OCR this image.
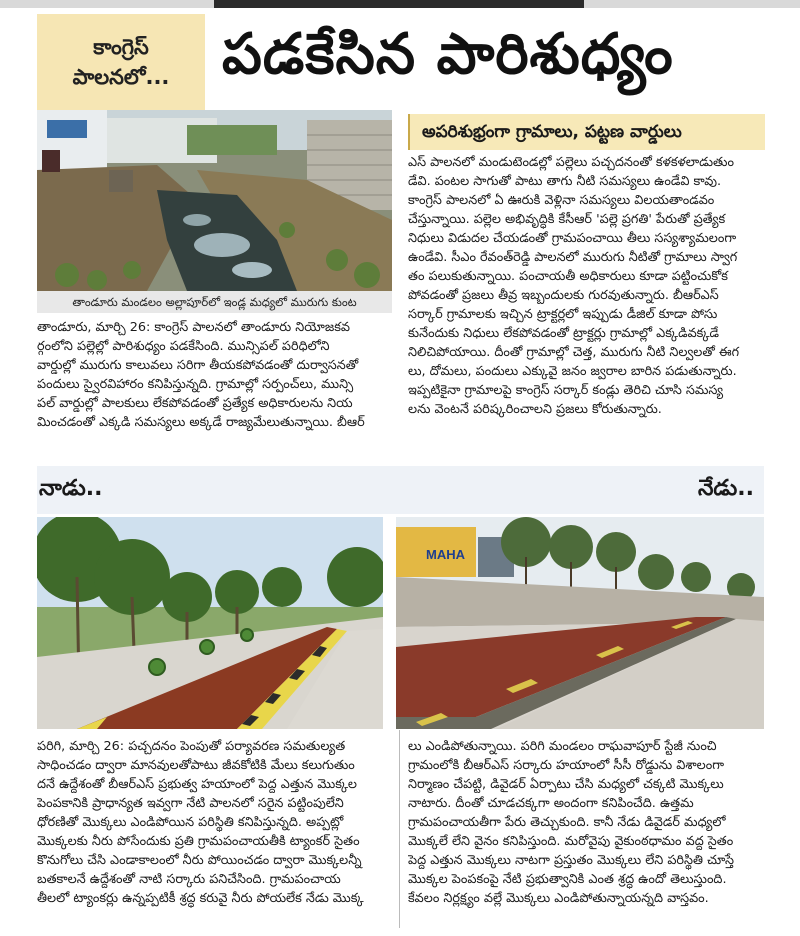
కాంగ్రెస్
పాలనలో... పడకేసిన పారిశుధ్యం
తాండూరు మండలం అల్లాపూర్‌లో ఇండ్ల మధ్యలో మురుగు కుంట
అపరిశుభ్రంగా గ్రామాలు, పట్టణ వార్డులు
ఎస్ పాలనలో మండుటెండల్లో పల్లెలు పచ్చదనంతో కళకళలాడుతుం
డేవి. పంటల సాగుతో పాటు తాగు నీటి సమస్యలు ఉండేవి కావు.
కాంగ్రెస్ పాలనలో ఏ ఊరుకి వెళ్లినా సమస్యలు విలయతాండవం
చేస్తున్నాయి. పల్లెల అభివృద్ధికి కేసీఆర్ 'పల్లె ప్రగతి' పేరుతో ప్రత్యేక
నిధులు విడుదల చేయడంతో గ్రామపంచాయి తీలు సస్యశ్యామలంగా
ఉండేవి. సీఎం రేవంత్‌రెడ్డి పాలనలో మురుగు నీటితో గ్రామాలు స్వాగ
తం పలుకుతున్నాయి. పంచాయతీ అధికారులు కూడా పట్టించుకోక
పోవడంతో ప్రజలు తీవ్ర ఇబ్బందులకు గురవుతున్నారు. బీఆర్‌ఎస్
సర్కార్ గ్రామాలకు ఇచ్చిన ట్రాక్టర్లలో ఇప్పుడు డీజిల్ కూడా పోసు
కునేందుకు నిధులు లేకపోవడంతో ట్రాక్టర్లు గ్రామాల్లో ఎక్కడివక్కడే
నిలిచిపోయాయి. దీంతో గ్రామాల్లో చెత్త, మురుగు నీటి నిల్వలతో ఈగ
లు, దోమలు, పందులు ఎక్కువై జనం జ్వరాల బారిన పడుతున్నారు.
ఇప్పటికైనా గ్రామాలపై కాంగ్రెస్ సర్కార్ కండ్లు తెరిచి చూసి సమస్య
లను వెంటనే పరిష్కరించాలని ప్రజలు కోరుతున్నారు.
తాండూరు, మార్చి 26: కాంగ్రెస్ పాలనలో తాండూరు నియోజకవ
ర్గంలోని పల్లెల్లో పారిశుధ్యం పడకేసింది. మున్సిపల్ పరిధిలోని
వార్డుల్లో మురుగు కాలువలు సరిగా తీయకపోవడంతో దుర్వాసనతో
పందులు స్వైరవిహారం కనిపిస్తున్నది. గ్రామాల్లో సర్పంచ్‌లు, మున్సి
పల్ వార్డుల్లో పాలకులు లేకపోవడంతో ప్రత్యేక అధికారులను నియ
మించడంతో ఎక్కడి సమస్యలు అక్కడే రాజ్యమేలుతున్నాయి. బీఆర్
నాడు..	నేడు..
MAHA
పరిగి, మార్చి 26: పచ్చదనం పెంపుతో పర్యావరణ సమతుల్యత
సాధించడం ద్వారా మానవులతోపాటు జీవకోటికి మేలు కలుగుతుం
దనే ఉద్దేశంతో బీఆర్‌ఎస్ ప్రభుత్వ హయాంలో పెద్ద ఎత్తున మొక్కల
పెంపకానికి ప్రాధాన్యత ఇవ్వగా నేటి పాలనలో సరైన పట్టింపులేని
ధోరణితో మొక్కలు ఎండిపోయిన పరిస్థితి కనిపిస్తున్నది. అప్పట్లో
మొక్కలకు నీరు పోసేందుకు ప్రతి గ్రామపంచాయతీకి ట్యాంకర్ సైతం
కొనుగోలు చేసి ఎండాకాలంలో నీరు పోయించడం ద్వారా మొక్కలన్నీ
బతకాలనే ఉద్దేశంతో నాటి సర్కారు పనిచేసింది. గ్రామపంచాయ
తీలలో ట్యాంకర్లు ఉన్నప్పటికీ శ్రద్ధ కరువై నీరు పోయలేక నేడు మొక్క
లు ఎండిపోతున్నాయి. పరిగి మండలం రాఘవాపూర్ స్టేజీ నుంచి
గ్రామంలోకి బీఆర్‌ఎస్ సర్కారు హయాంలో సీసీ రోడ్డును విశాలంగా
నిర్మాణం చేపట్టి, డివైడర్ ఏర్పాటు చేసి మధ్యలో చక్కటి మొక్కలు
నాటారు. దీంతో చూడచక్కగా అందంగా కనిపించేది. ఉత్తమ
గ్రామపంచాయతీగా పేరు తెచ్చుకుంది. కానీ నేడు డివైడర్ మధ్యలో
మొక్కలే లేని వైనం కనిపిస్తుంది. మరోవైపు వైకుంఠధామం వద్ద సైతం
పెద్ద ఎత్తున మొక్కలు నాటగా ప్రస్తుతం మొక్కలు లేని పరిస్థితి చూస్తే
మొక్కల పెంపకంపై నేటి ప్రభుత్వానికి ఎంత శ్రద్ధ ఉందో తెలుస్తుంది.
కేవలం నిర్లక్ష్యం వల్లే మొక్కలు ఎండిపోతున్నాయన్నది వాస్తవం.
